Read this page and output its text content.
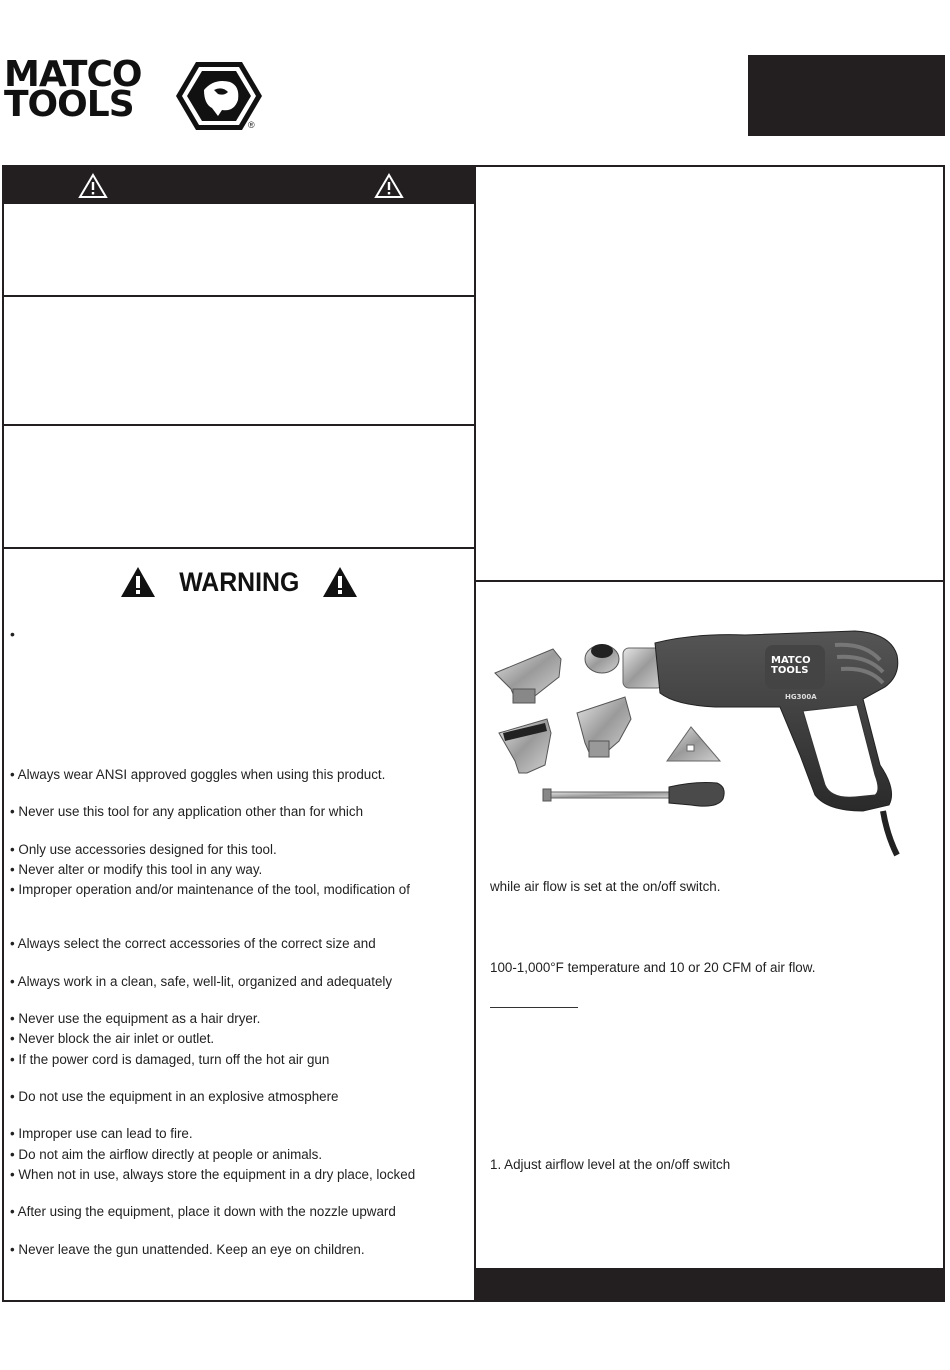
MATCO
TOOLS	®
WARNING
•
• Always wear ANSI approved goggles when using this product.
• Never use this tool for any application other than for which
• Only use accessories designed for this tool.
• Never alter or modify this tool in any way.
• Improper operation and/or maintenance of the tool, modification of
• Always select the correct accessories of the correct size and
• Always work in a clean, safe, well-lit, organized and adequately
• Never use the equipment as a hair dryer.
• Never block the air inlet or outlet.
• If the power cord is damaged, turn off the hot air gun
• Do not use the equipment in an explosive atmosphere
• Improper use can lead to fire.
• Do not aim the airflow directly at people or animals.
• When not in use, always store the equipment in a dry place, locked
• After using the equipment, place it down with the nozzle upward
• Never leave the gun unattended. Keep an eye on children.
MATCO
TOOLS
HG300A
while air flow is set at the on/off switch.
100-1,000°F temperature and 10 or 20 CFM of air flow.
1. Adjust airflow level at the on/off switch
